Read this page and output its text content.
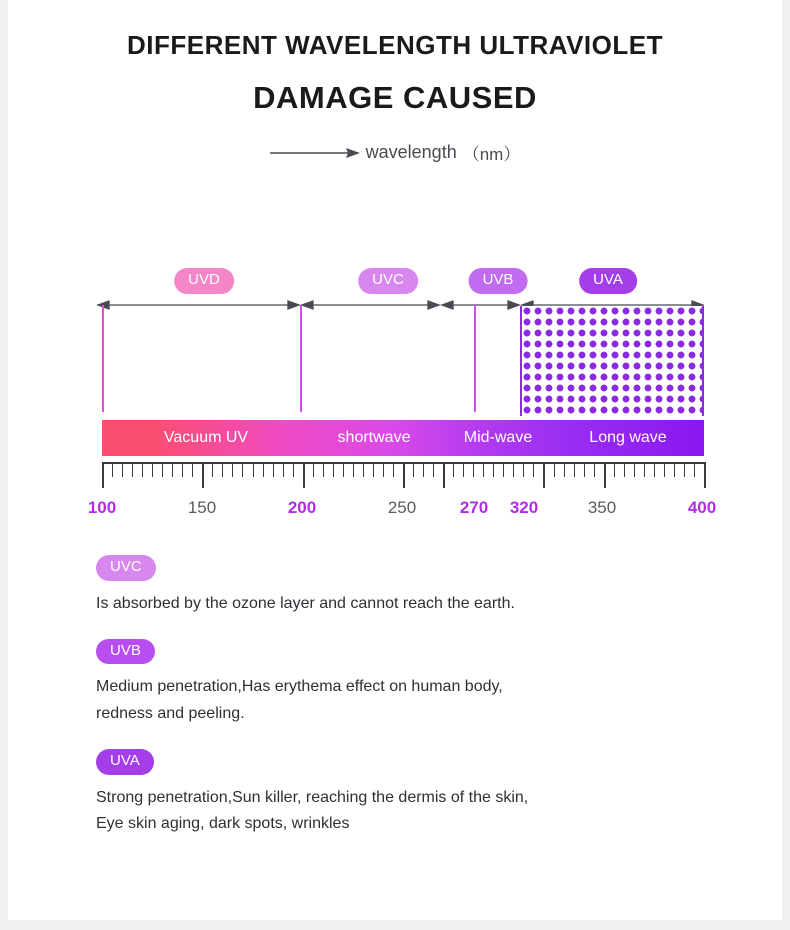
DIFFERENT WAVELENGTH ULTRAVIOLET
DAMAGE CAUSED
wavelength （nm）
UVD	UVC	UVB	UVA
Vacuum UV	shortwave	Mid-wave	Long wave
100	150	200	250	270 320	350	400
UVC
Is absorbed by the ozone layer and cannot reach the earth.
UVB
Medium penetration,Has erythema effect on human body,
redness and peeling.
UVA
Strong penetration,Sun killer, reaching the dermis of the skin,
Eye skin aging, dark spots, wrinkles
